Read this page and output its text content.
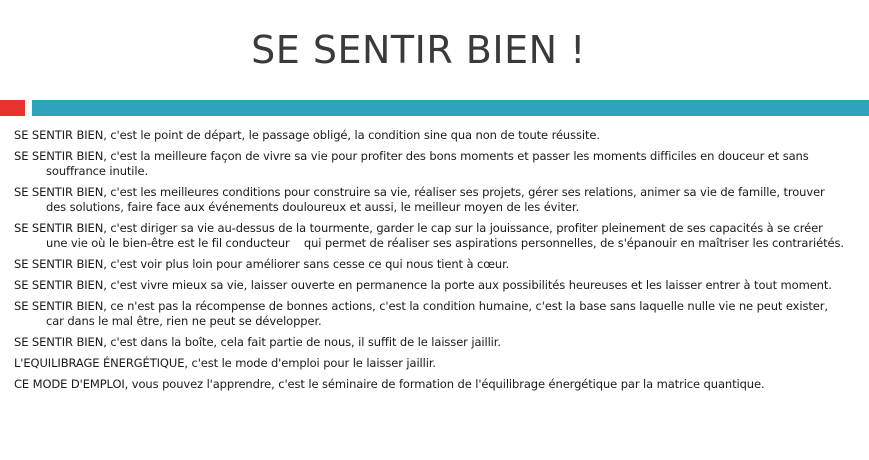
SE SENTIR BIEN !

SE SENTIR BIEN, c'est le point de départ, le passage obligé, la condition sine qua non de toute réussite.

SE SENTIR BIEN, c'est la meilleure façon de vivre sa vie pour profiter des bons moments et passer les moments difficiles en douceur et sans souffrance inutile.

SE SENTIR BIEN, c'est les meilleures conditions pour construire sa vie, réaliser ses projets, gérer ses relations, animer sa vie de famille, trouver des solutions, faire face aux événements douloureux et aussi, le meilleur moyen de les éviter.

SE SENTIR BIEN, c'est diriger sa vie au-dessus de la tourmente, garder le cap sur la jouissance, profiter pleinement de ses capacités à se créer une vie où le bien-être est le fil conducteur    qui permet de réaliser ses aspirations personnelles, de s'épanouir en maîtriser les contrariétés.

SE SENTIR BIEN, c'est voir plus loin pour améliorer sans cesse ce qui nous tient à cœur.

SE SENTIR BIEN, c'est vivre mieux sa vie, laisser ouverte en permanence la porte aux possibilités heureuses et les laisser entrer à tout moment.

SE SENTIR BIEN, ce n'est pas la récompense de bonnes actions, c'est la condition humaine, c'est la base sans laquelle nulle vie ne peut exister, car dans le mal être, rien ne peut se développer.

SE SENTIR BIEN, c'est dans la boîte, cela fait partie de nous, il suffit de le laisser jaillir.

L'EQUILIBRAGE ÉNERGÉTIQUE, c'est le mode d'emploi pour le laisser jaillir.

CE MODE D'EMPLOI, vous pouvez l'apprendre, c'est le séminaire de formation de l'équilibrage énergétique par la matrice quantique.
